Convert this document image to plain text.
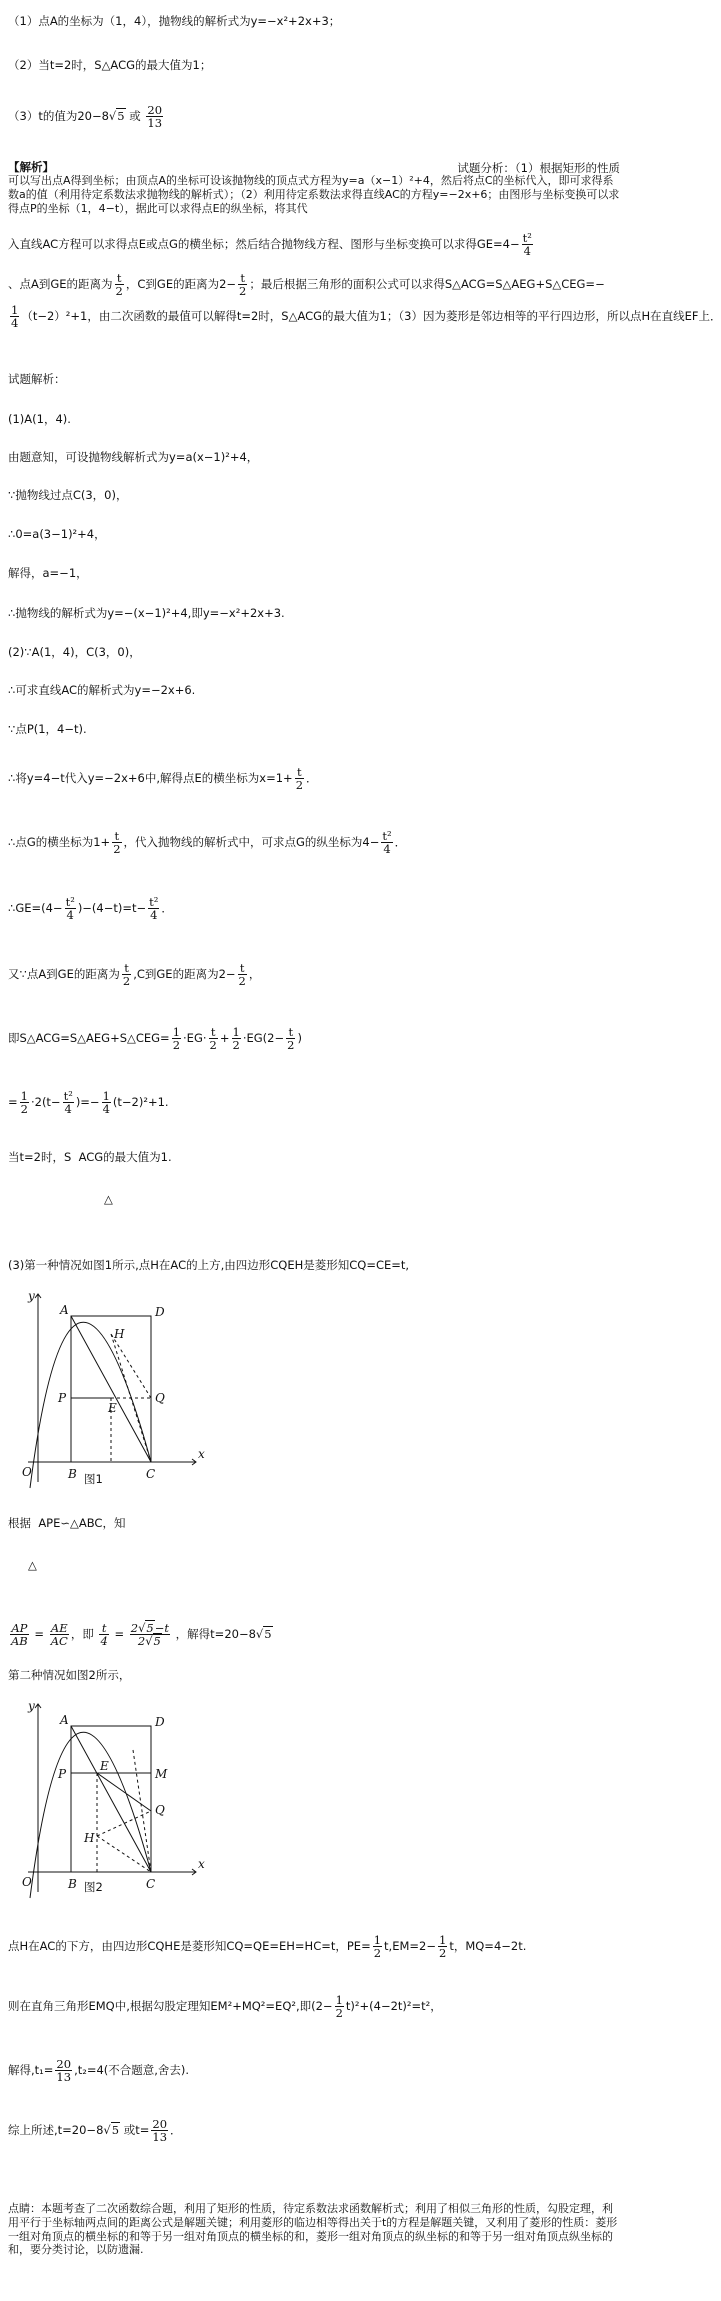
（1）点A的坐标为（1，4），抛物线的解析式为y=−x²+2x+3；
（2）当t=2时，S△ACG的最大值为1；
（3）t的值为20−8 √ 5 或 $\frac{20}{13}$
【解析】	试题分析：（1）根据矩形的性质
可以写出点A得到坐标；由顶点A的坐标可设该抛物线的顶点式方程为y=a（x−1）²+4，然后将点C的坐标代入，即可求得系数a的值（利用待定系数法求抛物线的解析式）；（2）利用待定系数法求得直线AC的方程y=−2x+6；由图形与坐标变换可以求得点P的坐标（1，4−t），据此可以求得点E的纵坐标，将其代
入直线AC方程可以求得点E或点G的横坐标；然后结合抛物线方程、图形与坐标变换可以求得$GE=4- \frac{\text{t²}}{4}$
、点A到GE的距离为 $\frac{t}{2}$ ，C到GE的距离为$2- \frac{t}{2}$ ；最后根据三角形的面积公式可以求得S△ACG=S△AEG+S△CEG=−
$\frac{1}{4} (t-2)^2+1$，由二次函数的最值可以解得t=2时，S△ACG的最大值为1；（3）因为菱形是邻边相等的平行四边形，所以点H在直线EF上．
试题解析：
(1)A(1，4).
由题意知，可设抛物线解析式为y=a(x−1)²+4，
∵抛物线过点C(3，0)，
∴0=a(3−1)²+4，
解得，a=−1，
∴抛物线的解析式为y=−(x−1)²+4,即y=−x²+2x+3.
(2)∵A(1，4)，C(3，0)，
∴可求直线AC的解析式为y=−2x+6.
∵点P(1，4−t).
∴将y=4−t代入y=−2x+6中,解得点E的横坐标为$x=1+ \frac{t}{2}$ ．
∴点G的横坐标为$1+ \frac{t}{2}$ ，代入抛物线的解析式中，可求点G的纵坐标为$4- \frac{\text{t²}}{4}$ ．
∴GE=(4− $\frac{\text{t²}}{4} )-(4-t)=t- \frac{\text{t²}}{4}$ ．
又∵点A到GE的距离为 $\frac{t}{2} ,C$到GE的距离为$2- \frac{t}{2}$ ，
即S△ACG=S△AEG+S△CEG= $\frac{1}{2} \cdot EG\cdot \frac{t}{2} + \frac{1}{2} \cdot EG(2- \frac{t}{2}$ )
= $\frac{1}{2} \cdot 2(t- \frac{\text{t²}}{4}$ )=− $\frac{1}{4} (t-2)^2+1$.
当t=2时，S ACG的最大值为1.
△
(3)第一种情况如图1所示,点H在AC的上方,由四边形CQEH是菱形知CQ=CE=t,
y
x
O
A
B	C
D
H
P
E
Q
图1
根据 APE∽△ABC，知
△
$\frac{AP}{AB} = \frac{AE}{AC}$ ，即 $\frac{t}{4} = \frac{2 √ 5-t}{2 √ 5}$ ，解得t=20−8 √ 5
第二种情况如图2所示，
y
x
O
A
B	C
D
P
E
M
Q
H
图2
点H在AC的下方，由四边形CQHE是菱形知CQ=QE=EH=HC=t，$PE= \frac{1}{2} t,EM=2- \frac{1}{2}$ t，MQ=4−2t.
则在直角三角形EMQ中,根据勾股定理知EM²+MQ²=EQ²,即$(2- \frac{1}{2} t)^2+(4-2t)^2=t^2$，
解得$,t_1= \frac{20}{13} ,t_2=4$(不合题意,舍去).
综上所述,t=20−8 √ 5 或$t= \frac{20}{13}$ ．
点睛：本题考查了二次函数综合题，利用了矩形的性质，待定系数法求函数解析式；利用了相似三角形的性质，勾股定理，利用平行于坐标轴两点间的距离公式是解题关键；利用菱形的临边相等得出关于t的方程是解题关键，又利用了菱形的性质：菱形一组对角顶点的横坐标的和等于另一组对角顶点的横坐标的和，菱形一组对角顶点的纵坐标的和等于另一组对角顶点纵坐标的和，要分类讨论，以防遗漏.
